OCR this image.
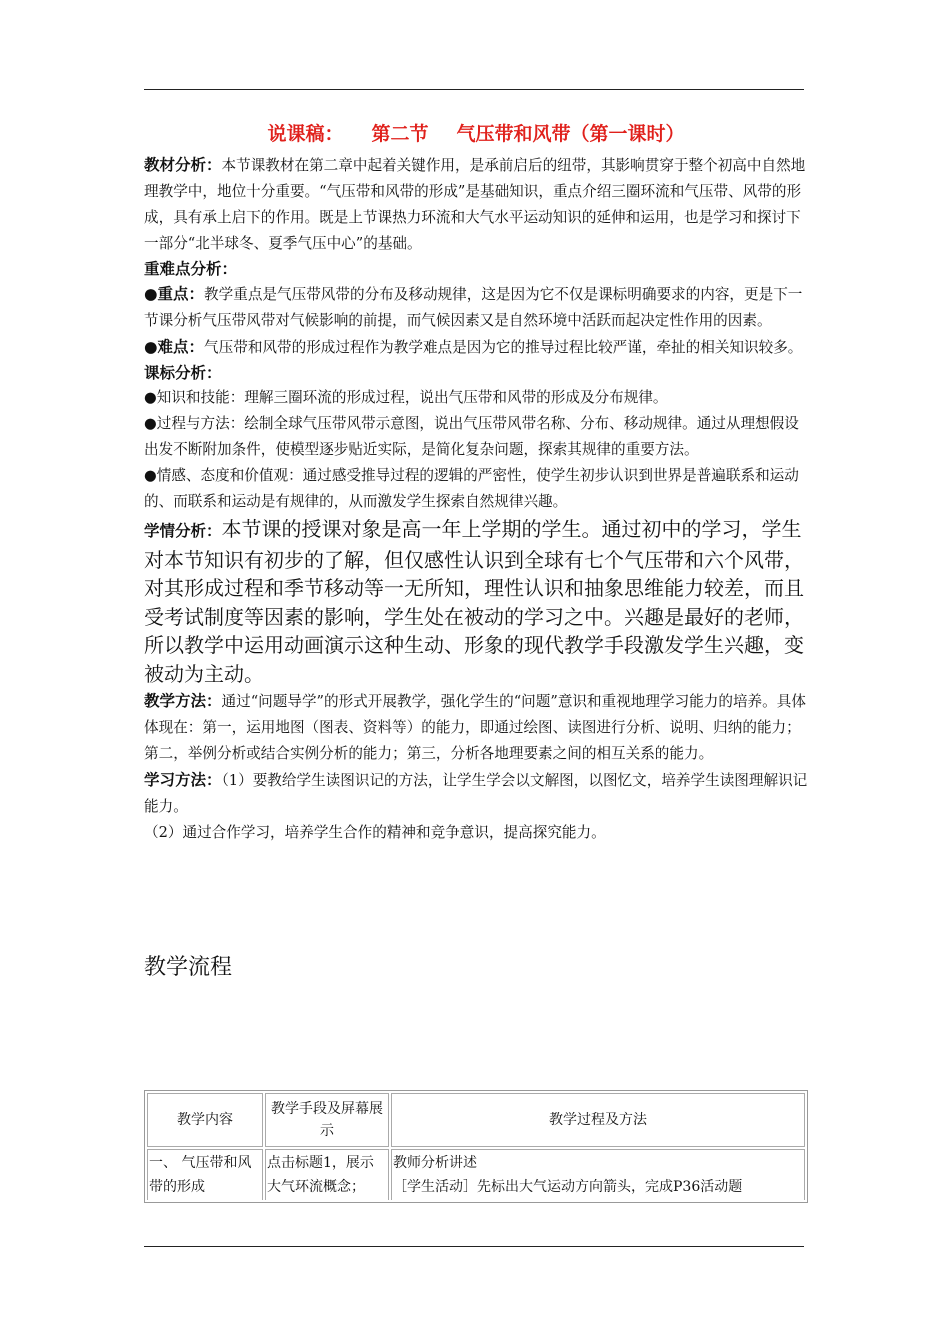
说课稿： 第二节 气压带和风带（第一课时）

教材分析：本节课教材在第二章中起着关键作用，是承前启后的纽带，其影响贯穿于整个初高中自然地理教学中，地位十分重要。“气压带和风带的形成”是基础知识，重点介绍三圈环流和气压带、风带的形成，具有承上启下的作用。既是上节课热力环流和大气水平运动知识的延伸和运用，也是学习和探讨下一部分“北半球冬、夏季气压中心”的基础。

重难点分析：

●重点：教学重点是气压带风带的分布及移动规律，这是因为它不仅是课标明确要求的内容，更是下一节课分析气压带风带对气候影响的前提，而气候因素又是自然环境中活跃而起决定性作用的因素。

●难点：气压带和风带的形成过程作为教学难点是因为它的推导过程比较严谨，牵扯的相关知识较多。

课标分析：

●知识和技能：理解三圈环流的形成过程，说出气压带和风带的形成及分布规律。

●过程与方法：绘制全球气压带风带示意图，说出气压带风带名称、分布、移动规律。通过从理想假设出发不断附加条件，使模型逐步贴近实际，是简化复杂问题，探索其规律的重要方法。

●情感、态度和价值观：通过感受推导过程的逻辑的严密性，使学生初步认识到世界是普遍联系和运动的、而联系和运动是有规律的，从而激发学生探索自然规律兴趣。

学情分析：本节课的授课对象是高一年上学期的学生。通过初中的学习，学生对本节知识有初步的了解，但仅感性认识到全球有七个气压带和六个风带，对其形成过程和季节移动等一无所知，理性认识和抽象思维能力较差，而且受考试制度等因素的影响，学生处在被动的学习之中。兴趣是最好的老师，所以教学中运用动画演示这种生动、形象的现代教学手段激发学生兴趣，变被动为主动。

教学方法：通过“问题导学”的形式开展教学，强化学生的“问题”意识和重视地理学习能力的培养。具体体现在：第一，运用地图（图表、资料等）的能力，即通过绘图、读图进行分析、说明、归纳的能力；第二，举例分析或结合实例分析的能力；第三，分析各地理要素之间的相互关系的能力。

学习方法：（1）要教给学生读图识记的方法，让学生学会以文解图，以图忆文，培养学生读图理解识记能力。

（2）通过合作学习，培养学生合作的精神和竞争意识，提高探究能力。

教学流程
教学内容	教学手段及屏幕展示	教学过程及方法
一、 气压带和风带的形成	点击标题1，展示大气环流概念；	教师分析讲述
［学生活动］先标出大气运动方向箭头，完成P36活动题
